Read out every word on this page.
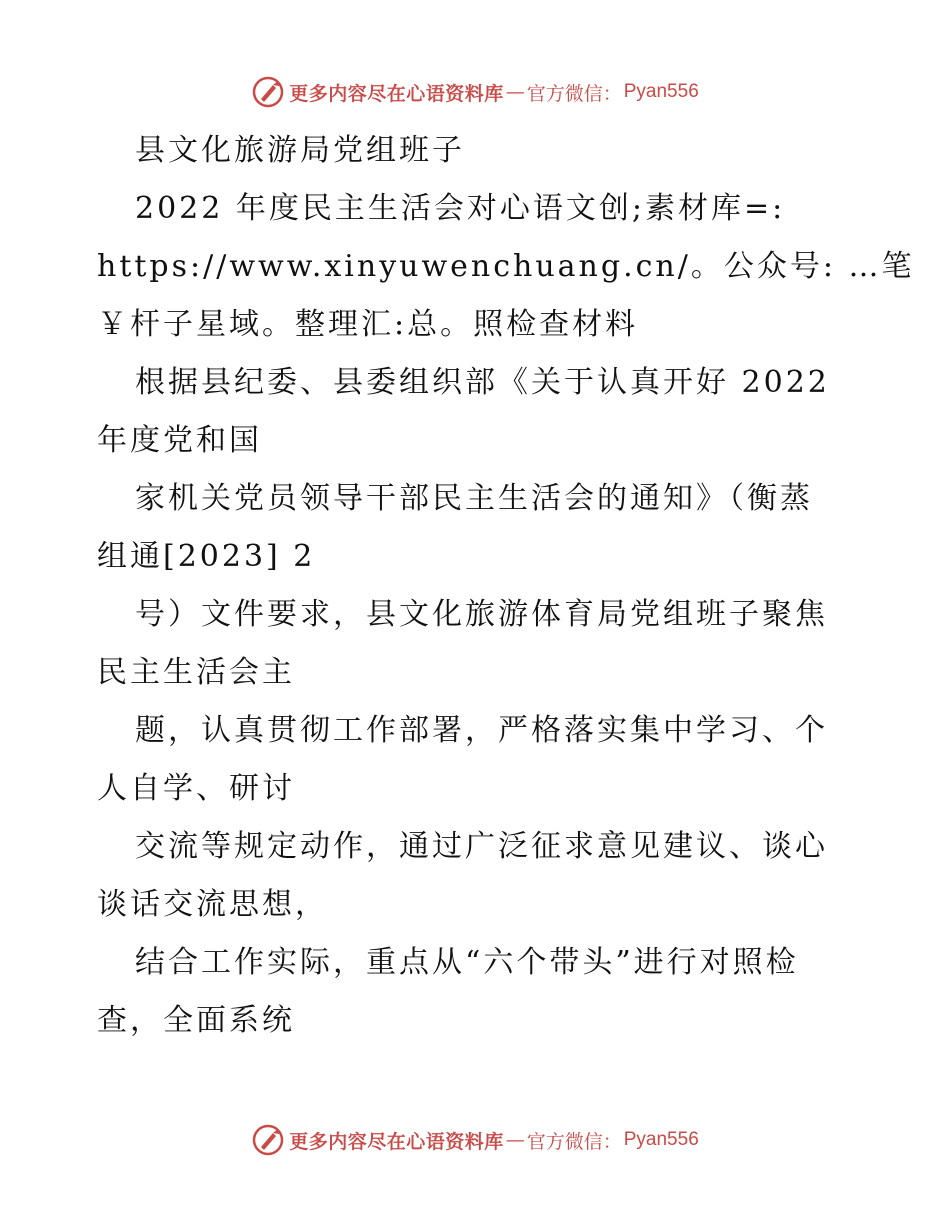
更多内容尽在心语资料库 — 官方微信： Pyan556
县文化旅游局党组班子
2022 年度民主生活会对心语文创;素材库=:
https://www.xinyuwenchuang.cn/。公众号: …笔
￥杆子星域。整理汇:总。照检查材料
根据县纪委、县委组织部《关于认真开好 2022
年度党和国
家机关党员领导干部民主生活会的通知》（衡蒸
组通[2023] 2
号）文件要求，县文化旅游体育局党组班子聚焦
民主生活会主
题，认真贯彻工作部署，严格落实集中学习、个
人自学、研讨
交流等规定动作，通过广泛征求意见建议、谈心
谈话交流思想，
结合工作实际，重点从“六个带头”进行对照检
查，全面系统
更多内容尽在心语资料库 — 官方微信： Pyan556
